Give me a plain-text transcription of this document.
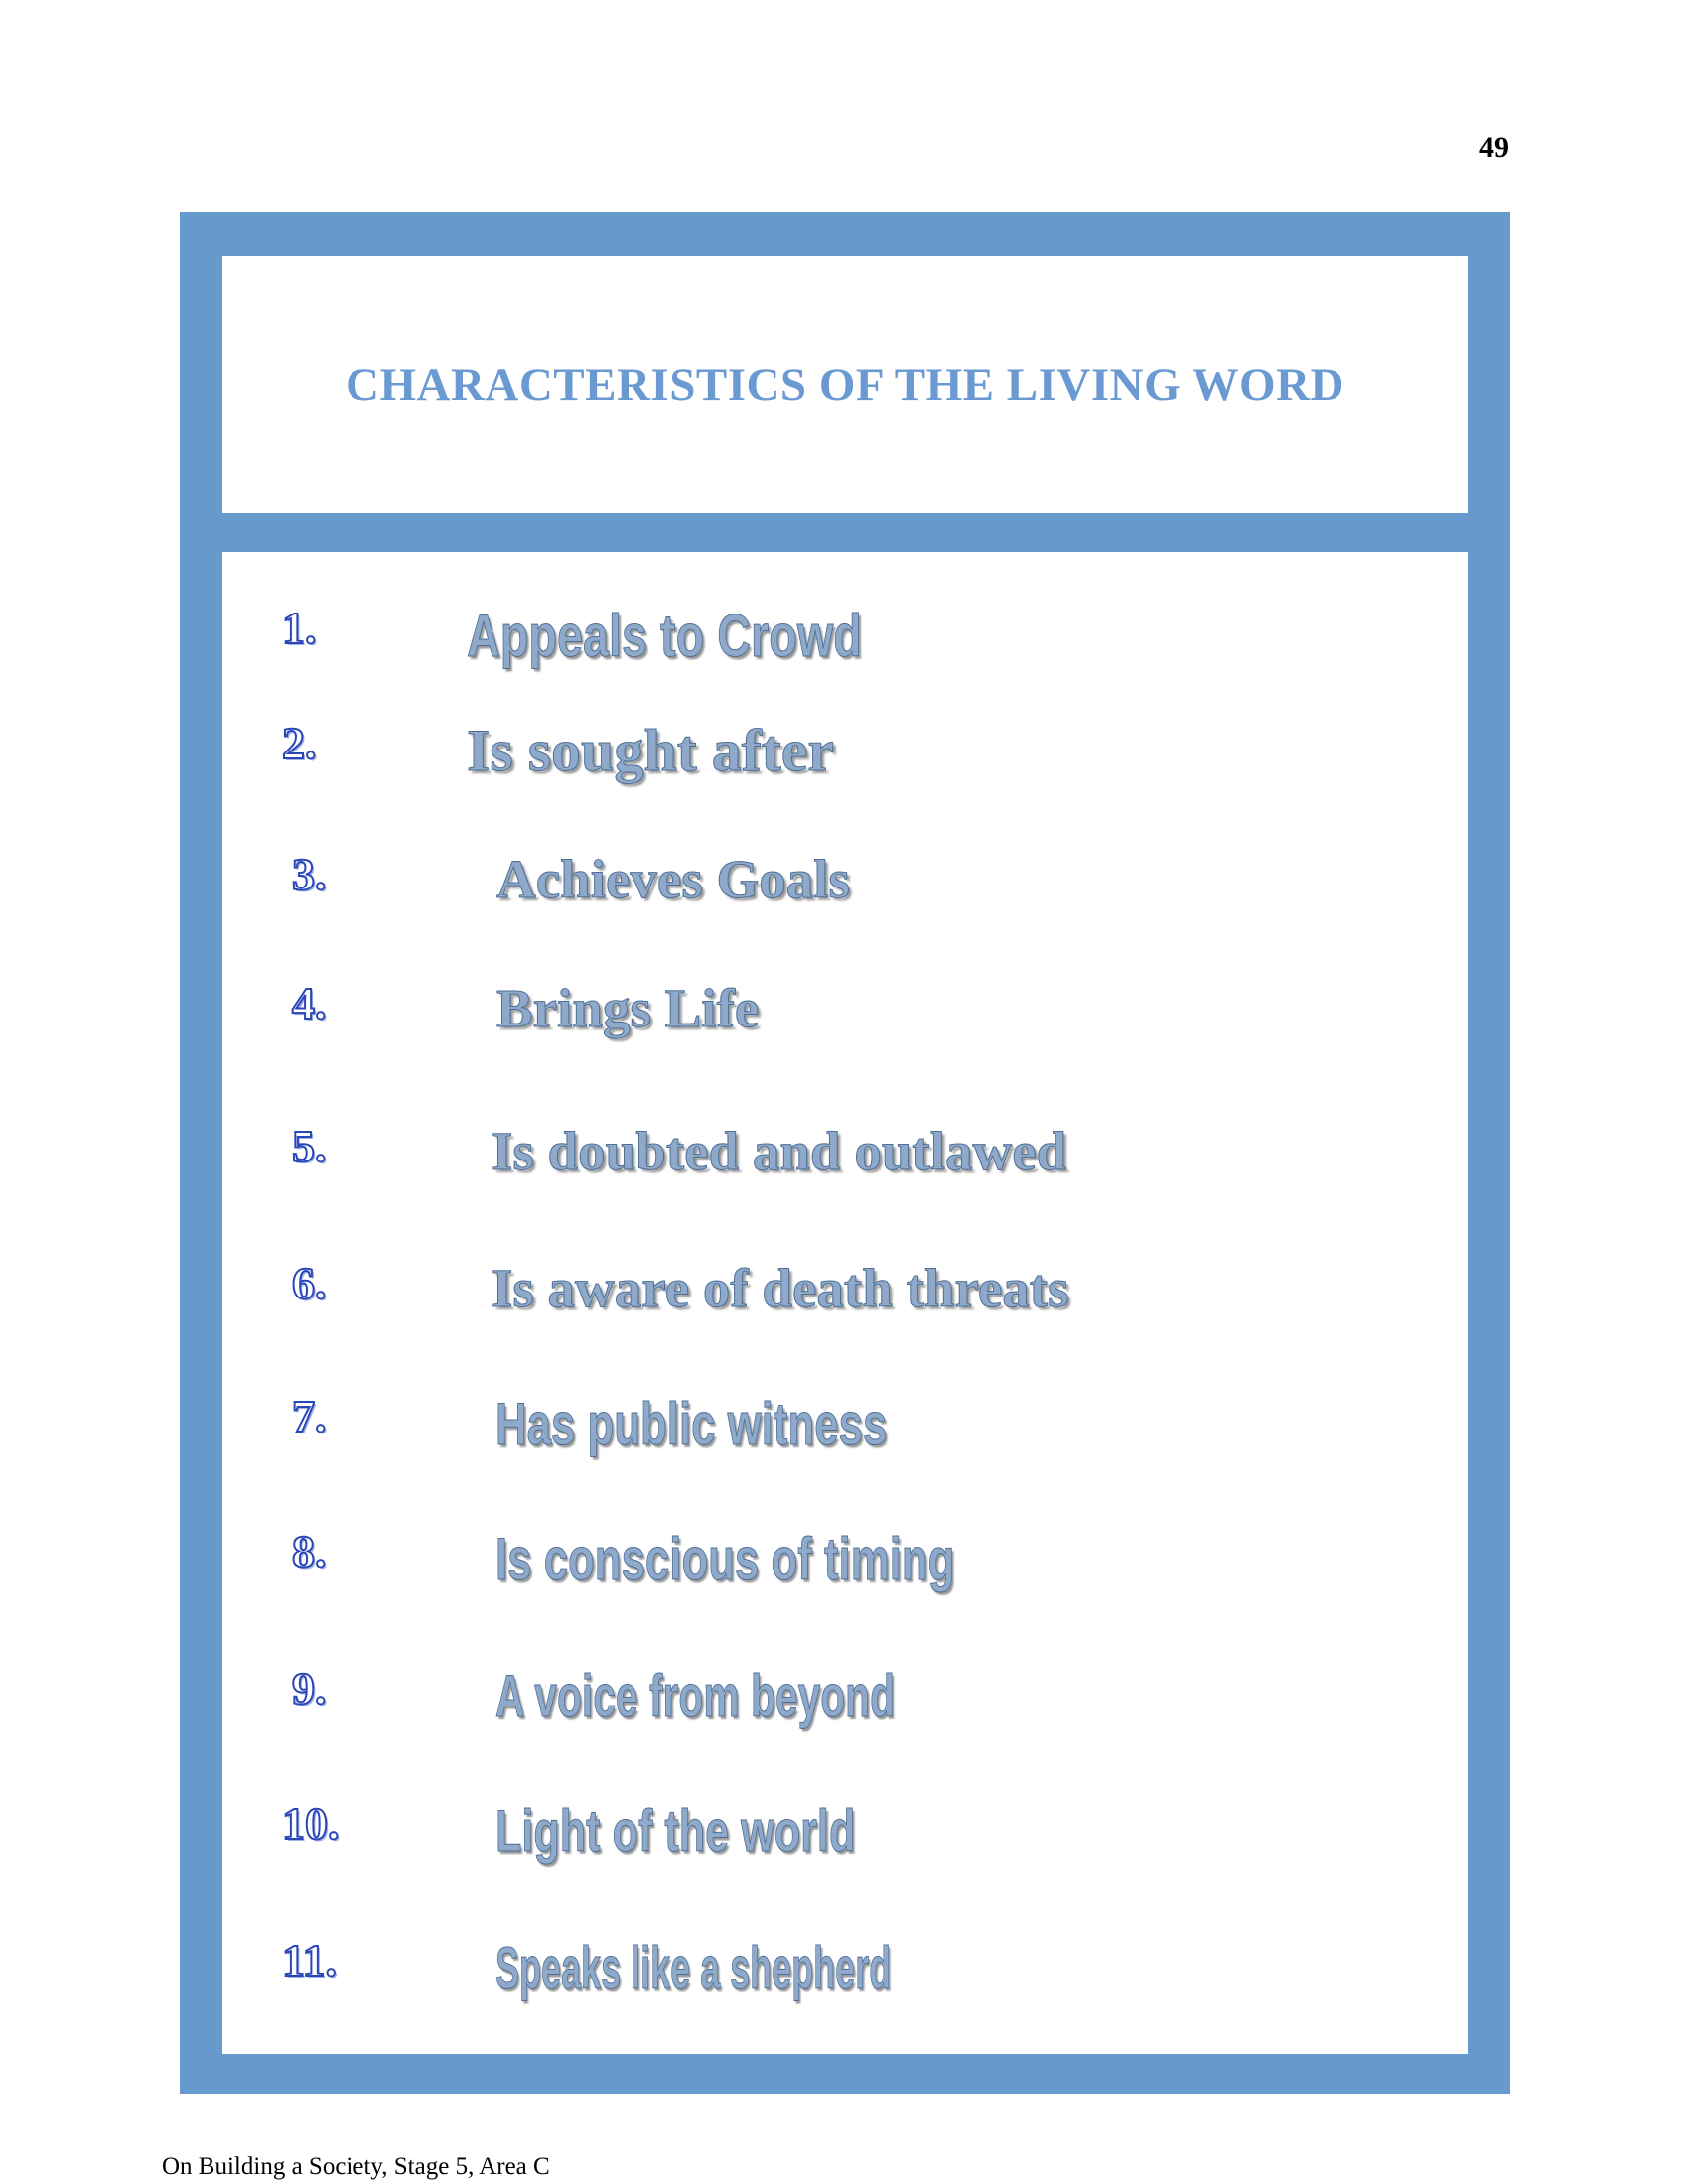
49
CHARACTERISTICS OF THE LIVING WORD
1.	Appeals to Crowd
2.	Is sought after
3.	Achieves Goals
4.	Brings Life
5.	Is doubted and outlawed
6.	Is aware of death threats
7.	Has public witness
8.	Is conscious of timing
9.	A voice from beyond
10.	Light of the world
11.	Speaks like a shepherd
On Building a Society, Stage 5, Area C
